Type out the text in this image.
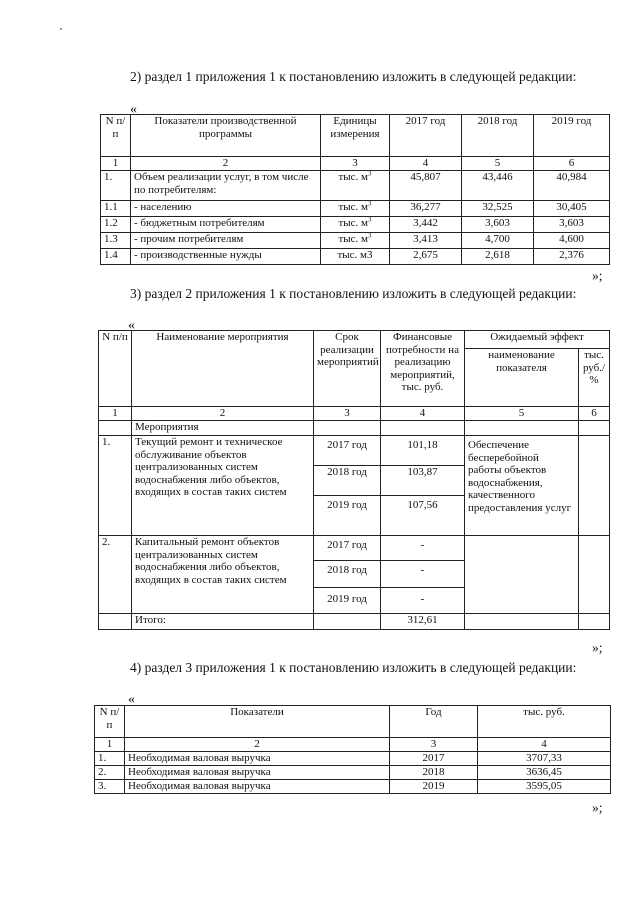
2) раздел 1 приложения 1 к постановлению изложить в следующей редакции:

«
N п/п	Показатели производственной программы	Единицы измерения	2017 год	2018 год	2019 год
1	2	3	4	5	6
1.	Объем реализации услуг, в том числе по потребителям:	тыс. $м^3$	45,807	43,446	40,984
1.1	- населению	тыс. $м^3$	36,277	32,525	30,405
1.2	- бюджетным потребителям	тыс. $м^3$	3,442	3,603	3,603
1.3	- прочим потребителям	тыс. $м^3$	3,413	4,700	4,600
1.4	- производственные нужды	тыс. м3	2,675	2,618	2,376
»;

3) раздел 2 приложения 1 к постановлению изложить в следующей редакции:

«
N п/п	Наименование мероприятия	Срок реализации мероприятий	Финансовые потребности на реализацию мероприятий, тыс. руб.	Ожидаемый эффект	
				наименование показателя	тыс. руб./ %
1	2	3	4	5	6
	Мероприятия				
1.	Текущий ремонт и техническое обслуживание объектов централизованных систем водоснабжения либо объектов, входящих в состав таких систем	2017 год	101,18	Обеспечение бесперебойной работы объектов водоснабжения, качественного предоставления услуг	
		2018 год	103,87		
		2019 год	107,56		
2.	Капитальный ремонт объектов централизованных систем водоснабжения либо объектов, входящих в состав таких систем	2017 год	-		
		2018 год	-		
		2019 год	-		
	Итого:		312,61		
»;

4) раздел 3 приложения 1 к постановлению изложить в следующей редакции:

«
N п/п	Показатели	Год	тыс. руб.
1	2	3	4
1.	Необходимая валовая выручка	2017	3707,33
2.	Необходимая валовая выручка	2018	3636,45
3.	Необходимая валовая выручка	2019	3595,05
»;
